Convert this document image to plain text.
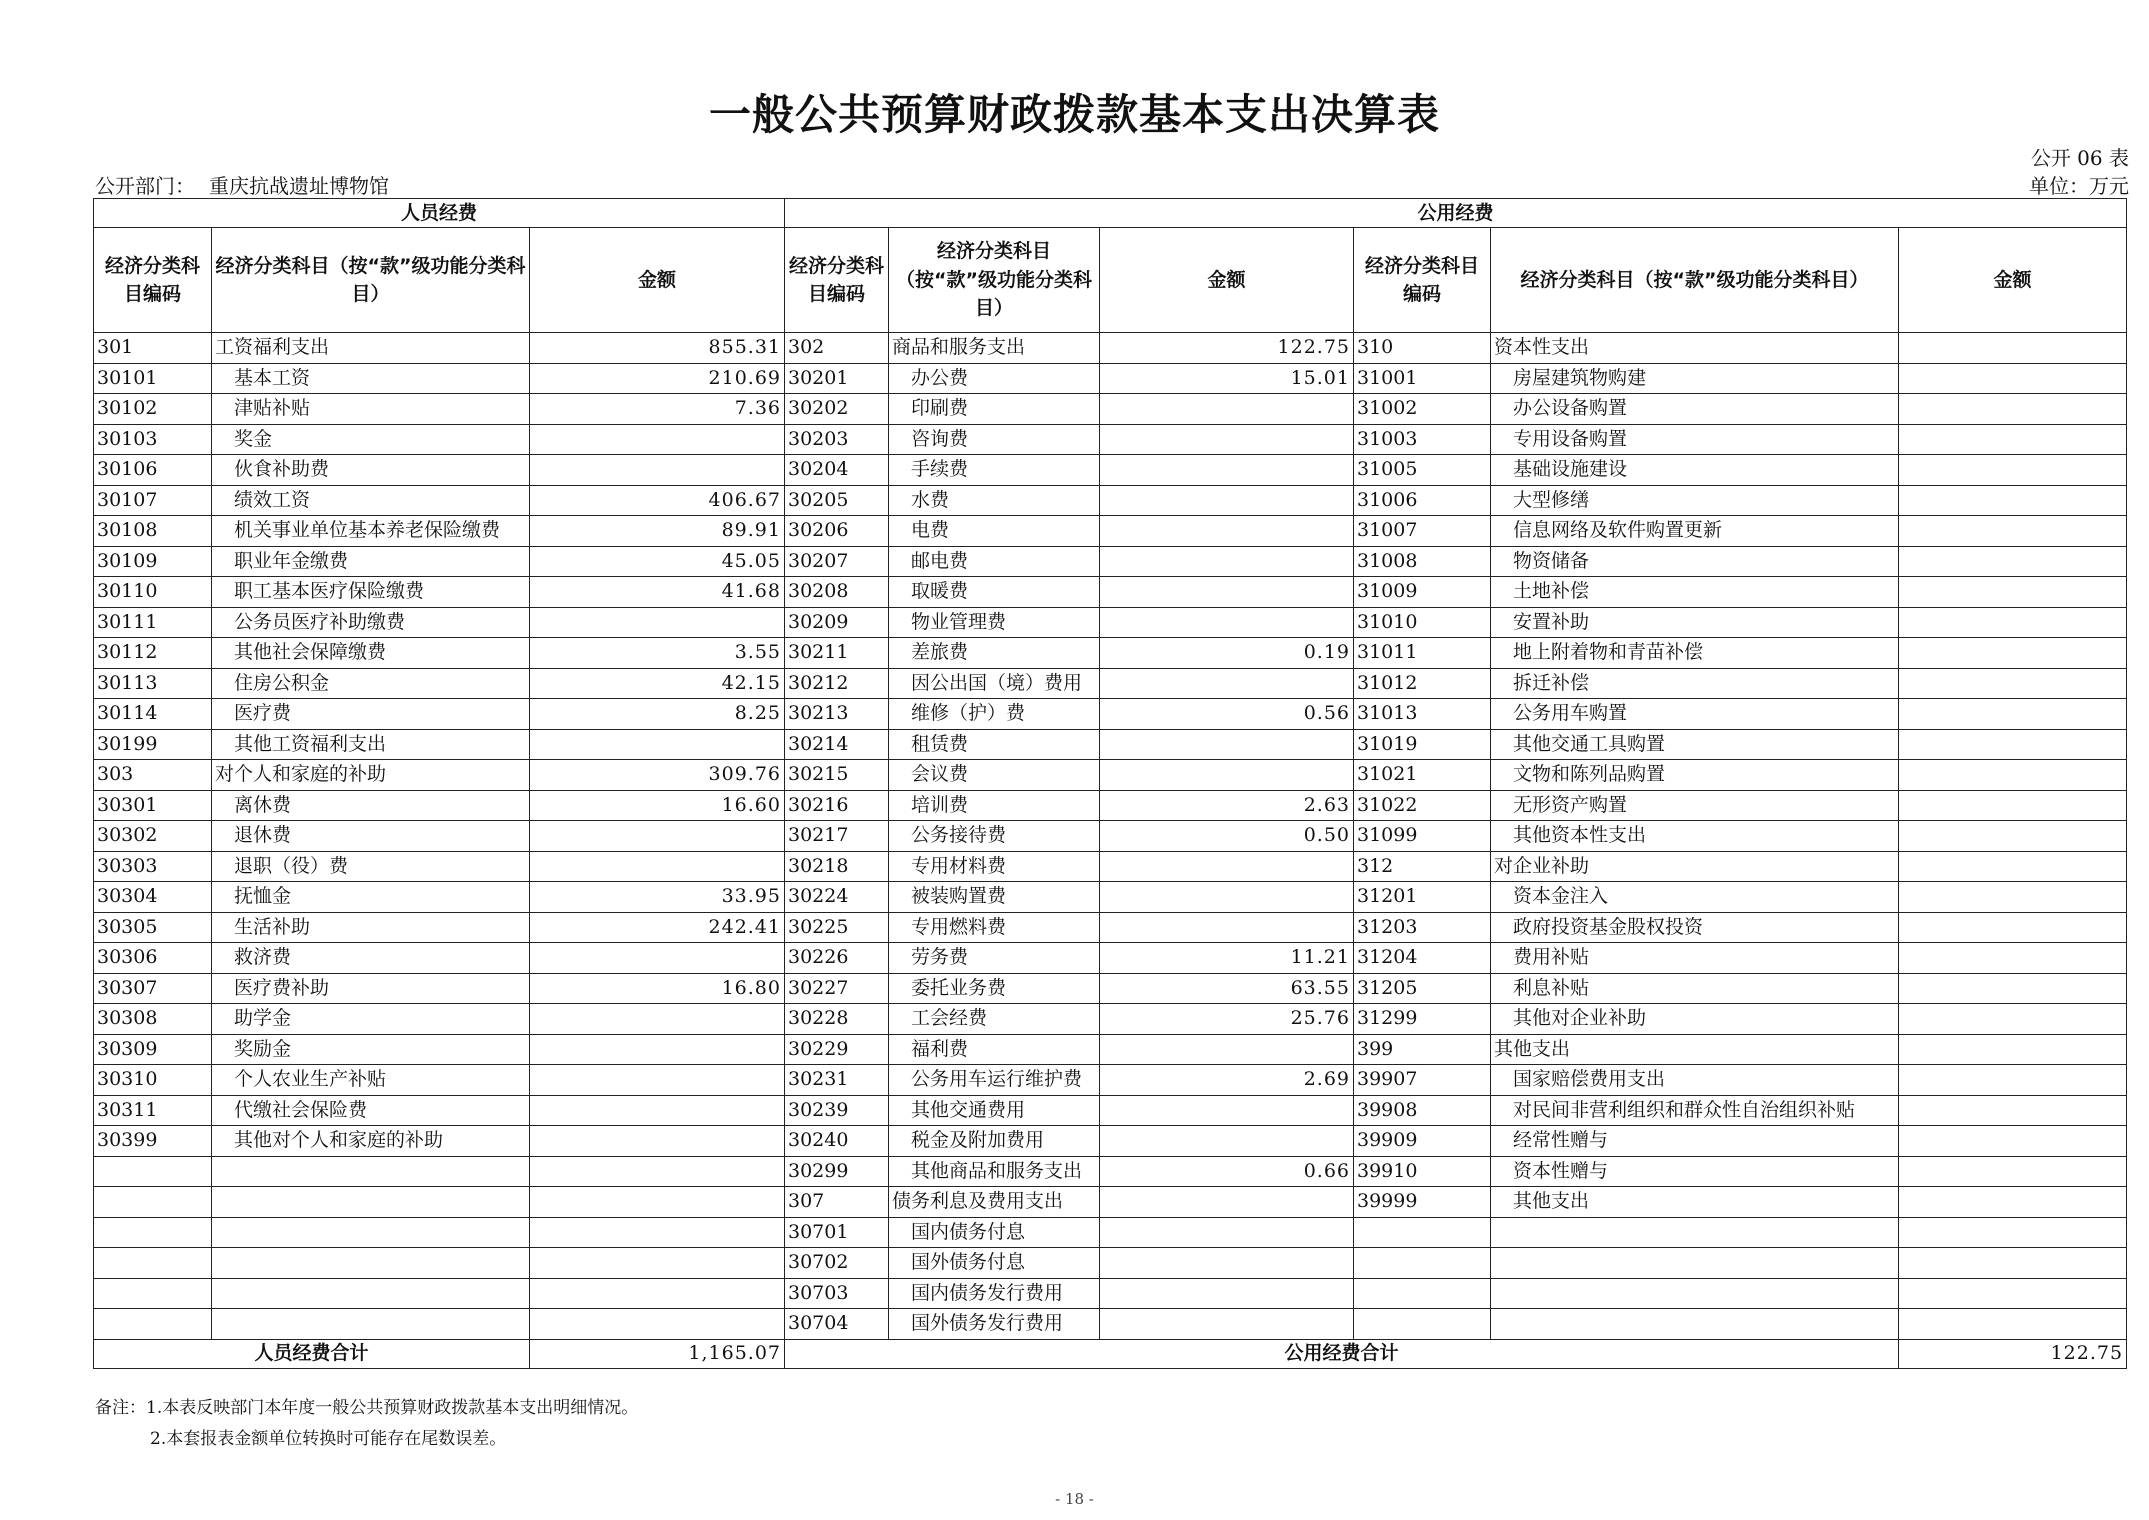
一般公共预算财政拨款基本支出决算表
公开 06 表
公开部门： 重庆抗战遗址博物馆	单位：万元
人员经费			公用经费					
经济分类科目编码	经济分类科目（按“款”级功能分类科目）	金额	经济分类科目编码	经济分类科目（按“款”级功能分类科目）	金额	经济分类科目编码	经济分类科目（按“款”级功能分类科目）	金额
301	工资福利支出	855.31	302	商品和服务支出	122.75	310	资本性支出	
30101	基本工资	210.69	30201	办公费	15.01	31001	房屋建筑物购建	
30102	津贴补贴	7.36	30202	印刷费		31002	办公设备购置	
30103	奖金		30203	咨询费		31003	专用设备购置	
30106	伙食补助费		30204	手续费		31005	基础设施建设	
30107	绩效工资	406.67	30205	水费		31006	大型修缮	
30108	机关事业单位基本养老保险缴费	89.91	30206	电费		31007	信息网络及软件购置更新	
30109	职业年金缴费	45.05	30207	邮电费		31008	物资储备	
30110	职工基本医疗保险缴费	41.68	30208	取暖费		31009	土地补偿	
30111	公务员医疗补助缴费		30209	物业管理费		31010	安置补助	
30112	其他社会保障缴费	3.55	30211	差旅费	0.19	31011	地上附着物和青苗补偿	
30113	住房公积金	42.15	30212	因公出国（境）费用		31012	拆迁补偿	
30114	医疗费	8.25	30213	维修（护）费	0.56	31013	公务用车购置	
30199	其他工资福利支出		30214	租赁费		31019	其他交通工具购置	
303	对个人和家庭的补助	309.76	30215	会议费		31021	文物和陈列品购置	
30301	离休费	16.60	30216	培训费	2.63	31022	无形资产购置	
30302	退休费		30217	公务接待费	0.50	31099	其他资本性支出	
30303	退职（役）费		30218	专用材料费		312	对企业补助	
30304	抚恤金	33.95	30224	被装购置费		31201	资本金注入	
30305	生活补助	242.41	30225	专用燃料费		31203	政府投资基金股权投资	
30306	救济费		30226	劳务费	11.21	31204	费用补贴	
30307	医疗费补助	16.80	30227	委托业务费	63.55	31205	利息补贴	
30308	助学金		30228	工会经费	25.76	31299	其他对企业补助	
30309	奖励金		30229	福利费		399	其他支出	
30310	个人农业生产补贴		30231	公务用车运行维护费	2.69	39907	国家赔偿费用支出	
30311	代缴社会保险费		30239	其他交通费用		39908	对民间非营利组织和群众性自治组织补贴	
30399	其他对个人和家庭的补助		30240	税金及附加费用		39909	经常性赠与	
			30299	其他商品和服务支出	0.66	39910	资本性赠与	
			307	债务利息及费用支出		39999	其他支出	
			30701	国内债务付息				
			30702	国外债务付息				
			30703	国内债务发行费用				
			30704	国外债务发行费用				
人员经费合计		1,165.07	公用经费合计					122.75
备注：1.本表反映部门本年度一般公共预算财政拨款基本支出明细情况。
2.本套报表金额单位转换时可能存在尾数误差。
- 18 -
